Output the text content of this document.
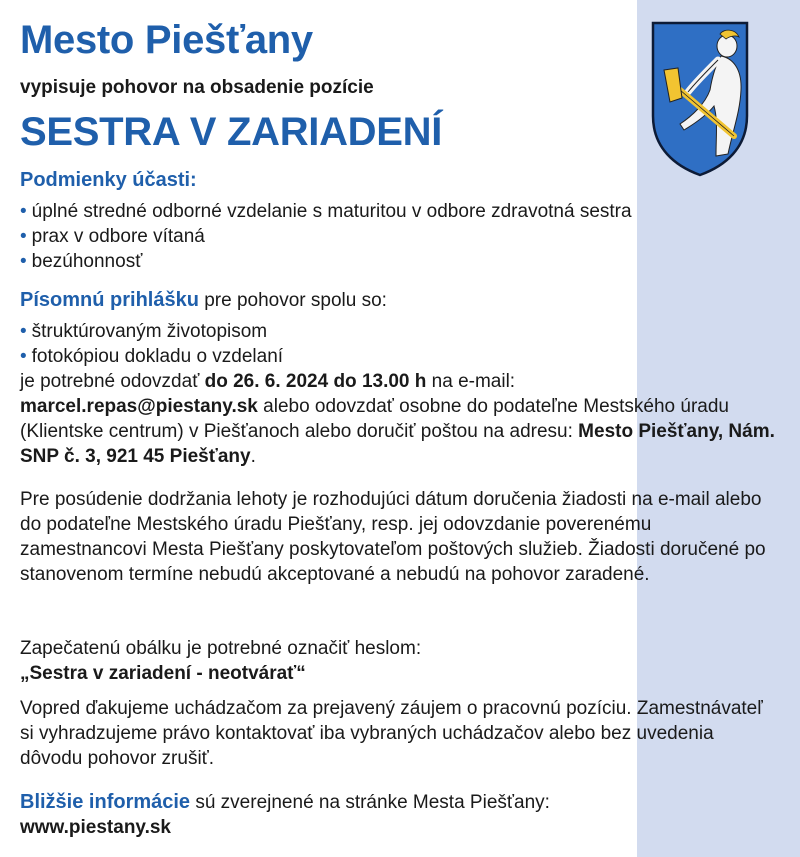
Mesto Piešťany
vypisuje pohovor na obsadenie pozície
SESTRA V ZARIADENÍ
Podmienky účasti:
• úplné stredné odborné vzdelanie s maturitou v odbore zdravotná sestra
• prax v odbore vítaná
• bezúhonnosť
Písomnú prihlášku pre pohovor spolu so:
• štruktúrovaným životopisom
• fotokópiou dokladu o vzdelaní

je potrebné odovzdať do 26. 6. 2024 do 13.00 h na e-mail:
marcel.repas@piestany.sk alebo odovzdať osobne do podateľne Mestského úradu (Klientske centrum) v Piešťanoch alebo doručiť poštou na adresu: Mesto Piešťany, Nám. SNP č. 3, 921 45 Piešťany.

Pre posúdenie dodržania lehoty je rozhodujúci dátum doručenia žiadosti na e-mail alebo do podateľne Mestského úradu Piešťany, resp. jej odovzdanie poverenému zamestnancovi Mesta Piešťany poskytovateľom poštových služieb. Žiadosti doručené po stanovenom termíne nebudú akceptované a nebudú na pohovor zaradené.

Zapečatenú obálku je potrebné označiť heslom:

„Sestra v zariadení - neotvárať“

Vopred ďakujeme uchádzačom za prejavený záujem o pracovnú pozíciu. Zamestnávateľ si vyhradzujeme právo kontaktovať iba vybraných uchádzačov alebo bez uvedenia dôvodu pohovor zrušiť.

Bližšie informácie sú zverejnené na stránke Mesta Piešťany:

www.piestany.sk
